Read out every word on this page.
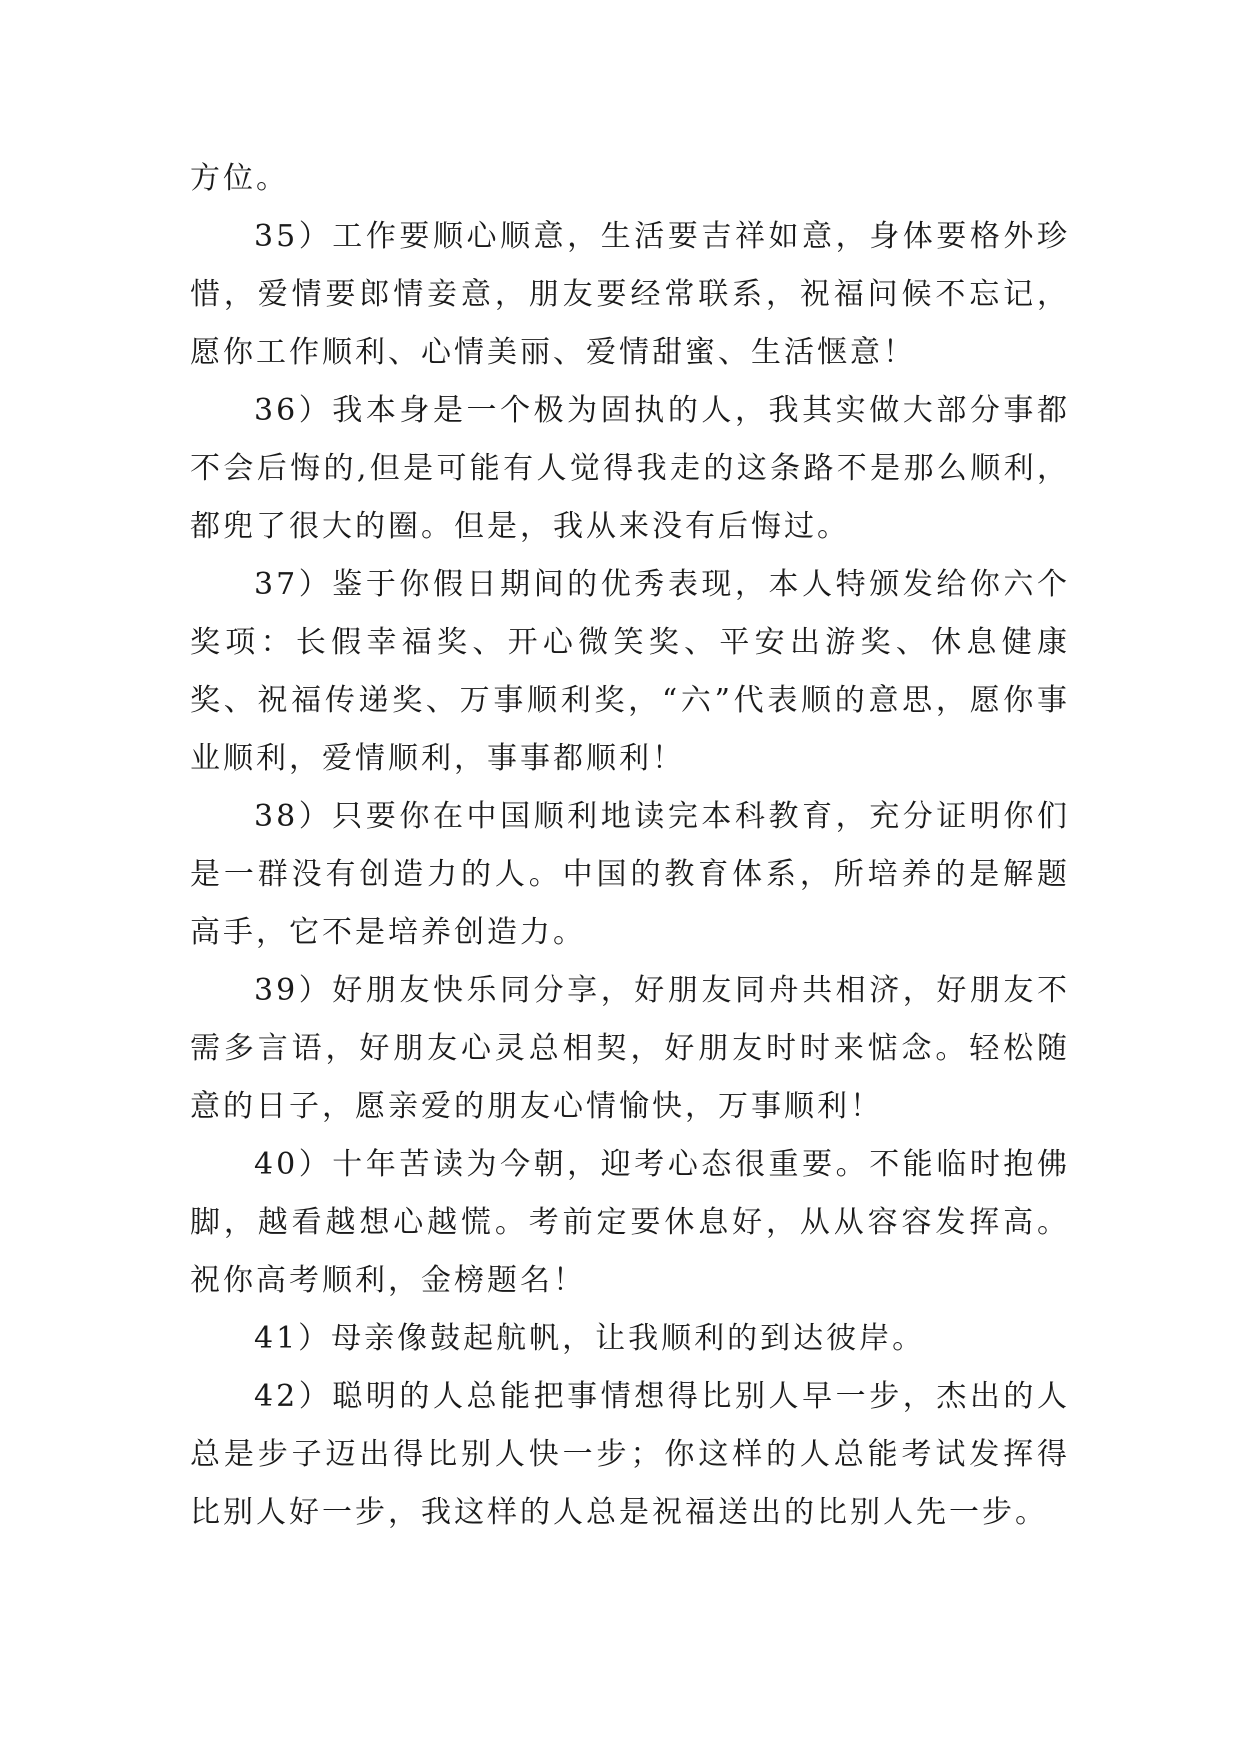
方位。

35）工作要顺心顺意，生活要吉祥如意，身体要格外珍惜，爱情要郎情妾意，朋友要经常联系，祝福问候不忘记，愿你工作顺利、心情美丽、爱情甜蜜、生活惬意！

36）我本身是一个极为固执的人，我其实做大部分事都不会后悔的,但是可能有人觉得我走的这条路不是那么顺利，都兜了很大的圈。但是，我从来没有后悔过。

37）鉴于你假日期间的优秀表现，本人特颁发给你六个奖项：长假幸福奖、开心微笑奖、平安出游奖、休息健康奖、祝福传递奖、万事顺利奖，“六”代表顺的意思，愿你事业顺利，爱情顺利，事事都顺利！

38）只要你在中国顺利地读完本科教育，充分证明你们是一群没有创造力的人。中国的教育体系，所培养的是解题高手，它不是培养创造力。

39）好朋友快乐同分享，好朋友同舟共相济，好朋友不需多言语，好朋友心灵总相契，好朋友时时来惦念。轻松随意的日子，愿亲爱的朋友心情愉快，万事顺利！

40）十年苦读为今朝，迎考心态很重要。不能临时抱佛脚，越看越想心越慌。考前定要休息好，从从容容发挥高。祝你高考顺利，金榜题名！

41）母亲像鼓起航帆，让我顺利的到达彼岸。

42）聪明的人总能把事情想得比别人早一步，杰出的人总是步子迈出得比别人快一步；你这样的人总能考试发挥得比别人好一步，我这样的人总是祝福送出的比别人先一步。
